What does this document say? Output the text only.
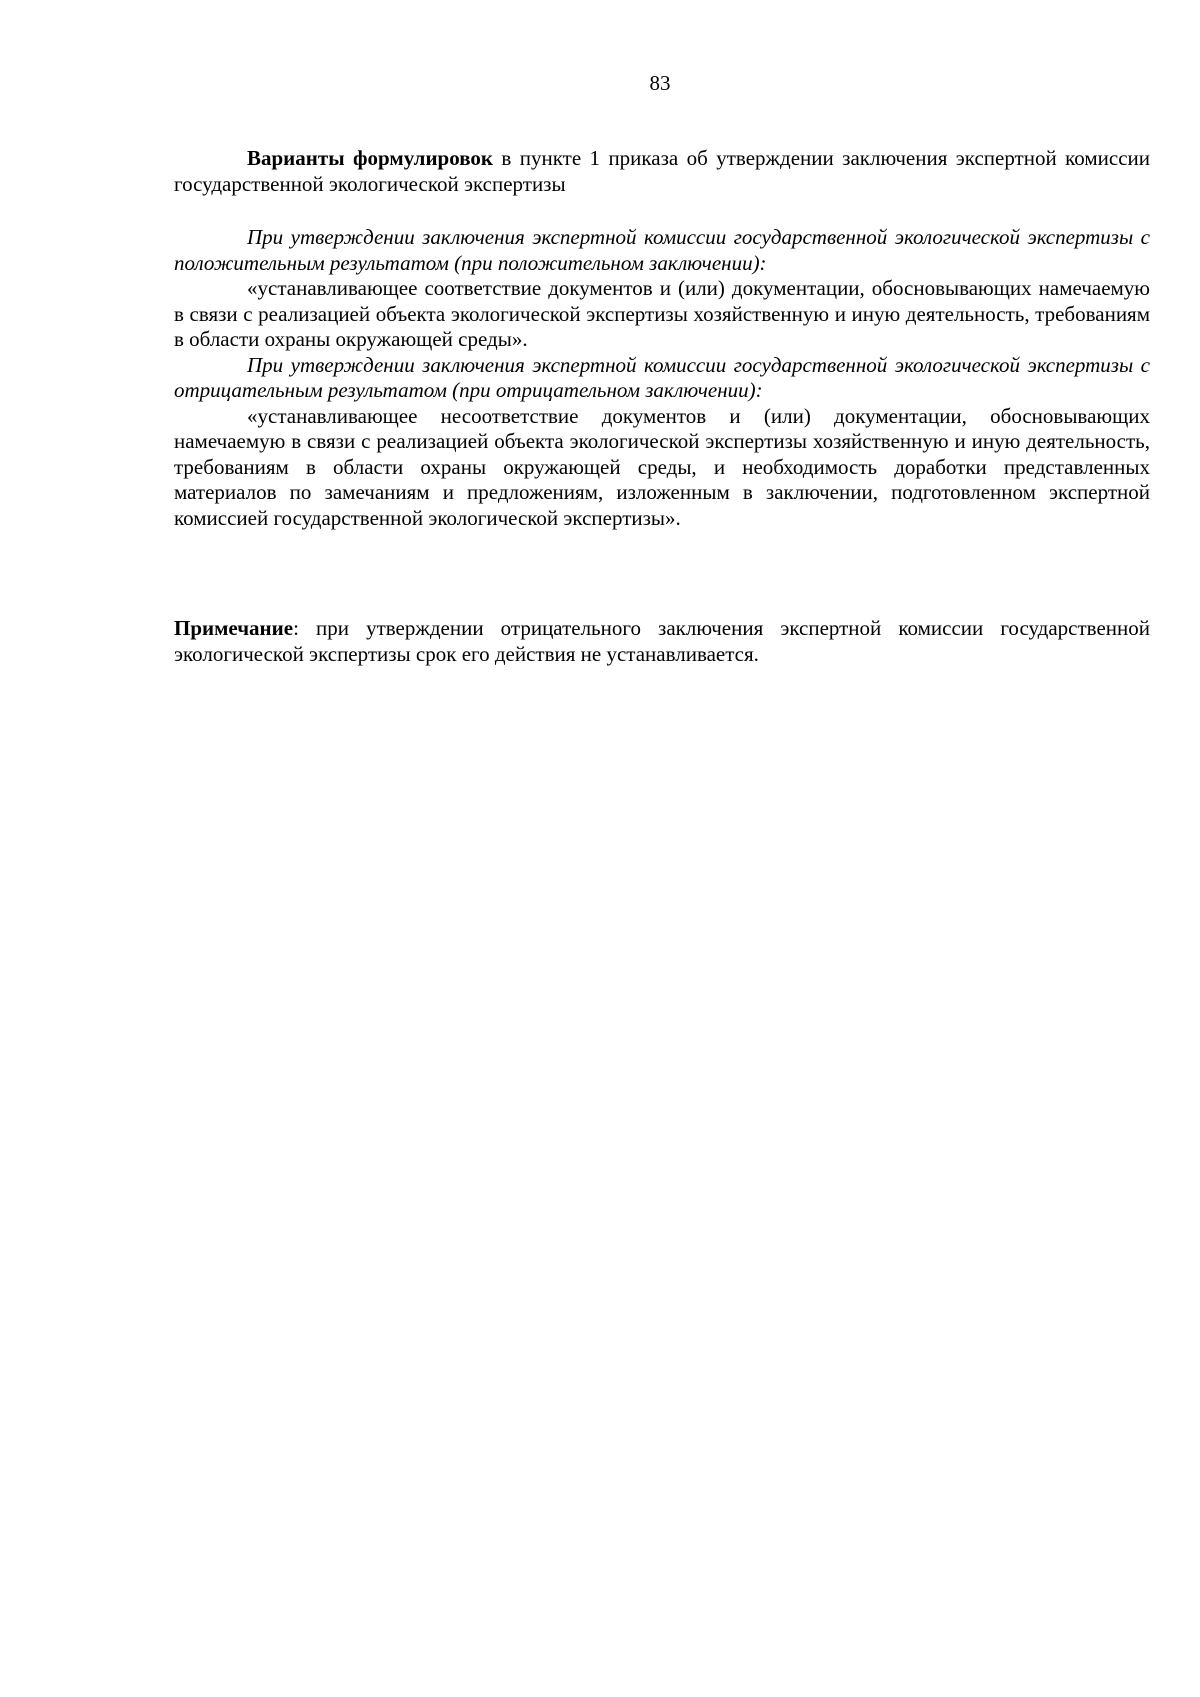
83

Варианты формулировок в пункте 1 приказа об утверждении заключения экспертной комиссии государственной экологической экспертизы

При утверждении заключения экспертной комиссии государственной экологической экспертизы с положительным результатом (при положительном заключении):

«устанавливающее соответствие документов и (или) документации, обосновывающих намечаемую в связи с реализацией объекта экологической экспертизы хозяйственную и иную деятельность, требованиям в области охраны окружающей среды».

При утверждении заключения экспертной комиссии государственной экологической экспертизы с отрицательным результатом (при отрицательном заключении):

«устанавливающее несоответствие документов и (или) документации, обосновывающих намечаемую в связи с реализацией объекта экологической экспертизы хозяйственную и иную деятельность, требованиям в области охраны окружающей среды, и необходимость доработки представленных материалов по замечаниям и предложениям, изложенным в заключении, подготовленном экспертной комиссией государственной экологической экспертизы».

Примечание: при утверждении отрицательного заключения экспертной комиссии государственной экологической экспертизы срок его действия не устанавливается.
